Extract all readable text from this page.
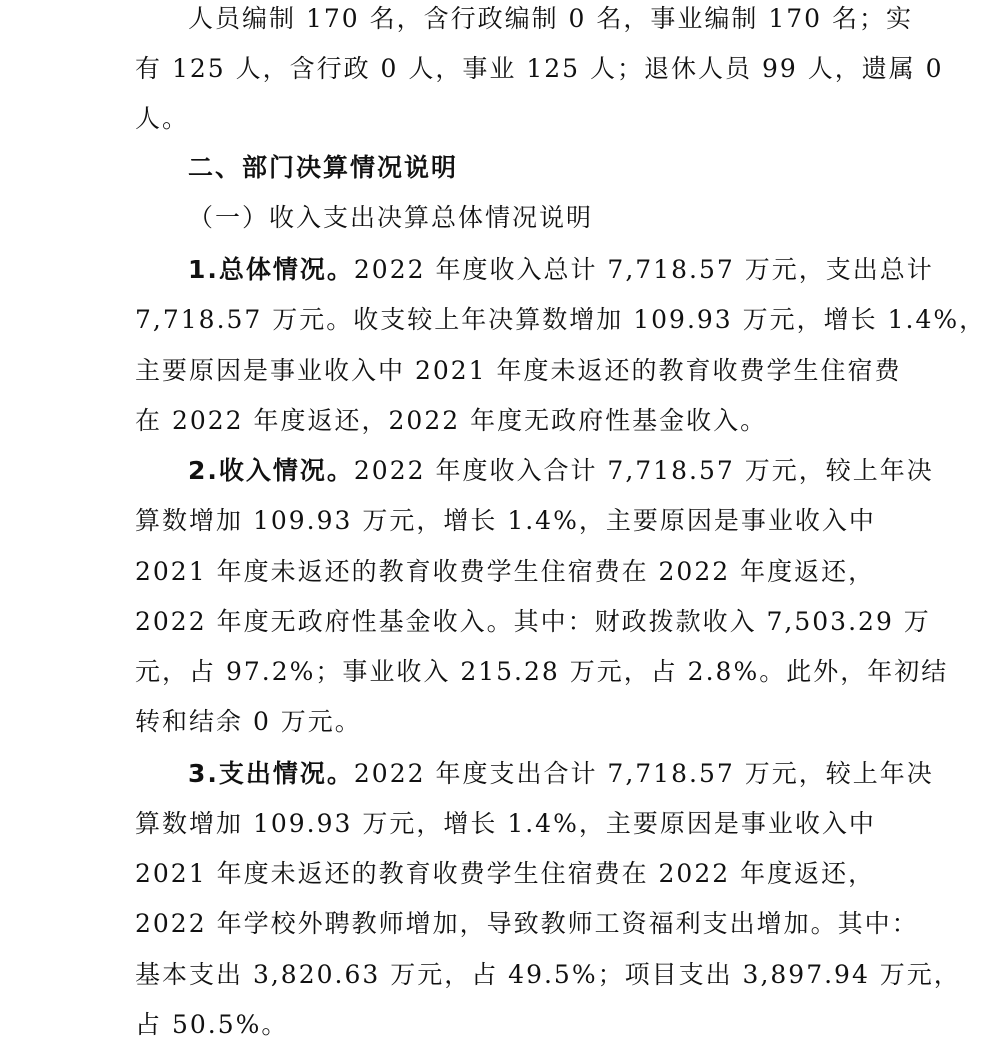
人员编制 170 名，含行政编制 0 名，事业编制 170 名；实
有 125 人，含行政 0 人，事业 125 人；退休人员 99 人，遗属 0
人。
二、部门决算情况说明
（一）收入支出决算总体情况说明
1.总体情况。2022 年度收入总计 7,718.57 万元，支出总计
7,718.57 万元。收支较上年决算数增加 109.93 万元，增长 1.4%，
主要原因是事业收入中 2021 年度未返还的教育收费学生住宿费
在 2022 年度返还，2022 年度无政府性基金收入。
2.收入情况。2022 年度收入合计 7,718.57 万元，较上年决
算数增加 109.93 万元，增长 1.4%，主要原因是事业收入中
2021 年度未返还的教育收费学生住宿费在 2022 年度返还，
2022 年度无政府性基金收入。其中：财政拨款收入 7,503.29 万
元，占 97.2%；事业收入 215.28 万元，占 2.8%。此外，年初结
转和结余 0 万元。
3.支出情况。2022 年度支出合计 7,718.57 万元，较上年决
算数增加 109.93 万元，增长 1.4%，主要原因是事业收入中
2021 年度未返还的教育收费学生住宿费在 2022 年度返还，
2022 年学校外聘教师增加，导致教师工资福利支出增加。其中：
基本支出 3,820.63 万元，占 49.5%；项目支出 3,897.94 万元，
占 50.5%。
